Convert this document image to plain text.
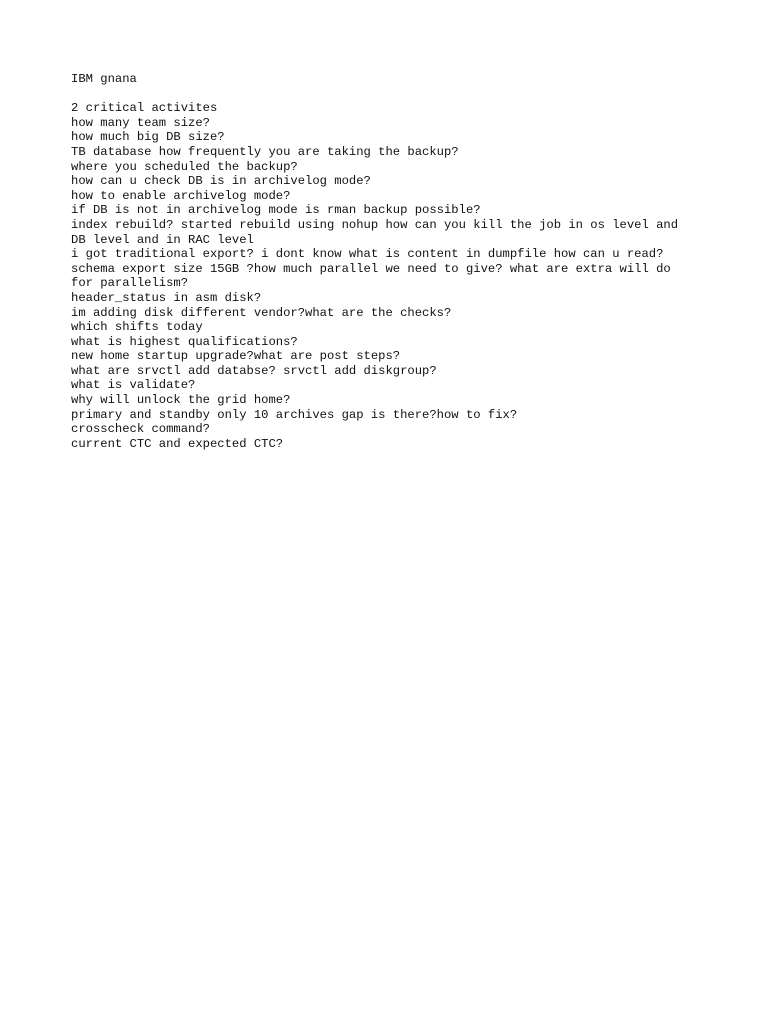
IBM gnana
2 critical activites
how many team size?
how much big DB size?
TB database how frequently you are taking the backup?
where you scheduled the backup?
how can u check DB is in archivelog mode?
how to enable archivelog mode?
if DB is not in archivelog mode is rman backup possible?
index rebuild? started rebuild using nohup how can you kill the job in os level and
DB level and in RAC level
i got traditional export? i dont know what is content in dumpfile how can u read?
schema export size 15GB ?how much parallel we need to give? what are extra will do
for parallelism?
header_status in asm disk?
im adding disk different vendor?what are the checks?
which shifts today
what is highest qualifications?
new home startup upgrade?what are post steps?
what are srvctl add databse? srvctl add diskgroup?
what is validate?
why will unlock the grid home?
primary and standby only 10 archives gap is there?how to fix?
crosscheck command?
current CTC and expected CTC?
